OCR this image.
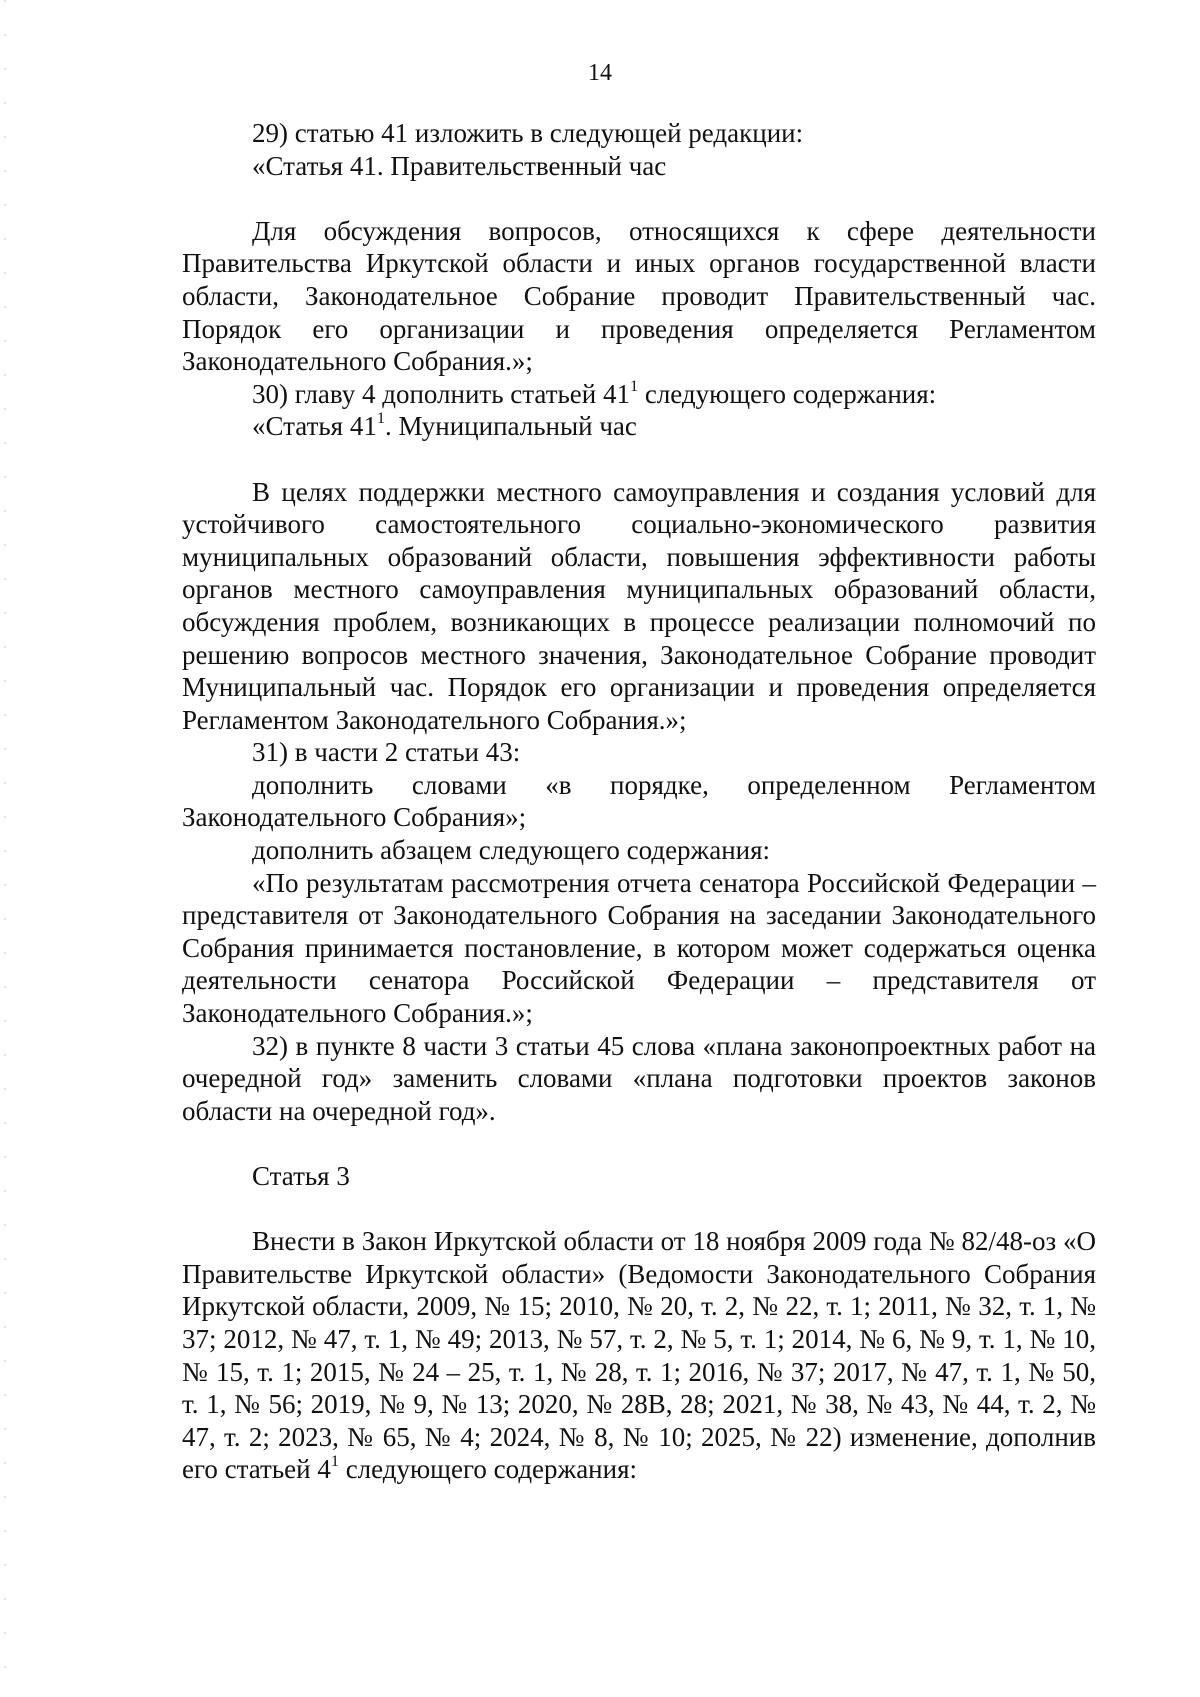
14

29) статью 41 изложить в следующей редакции:

«Статья 41. Правительственный час

Для обсуждения вопросов, относящихся к сфере деятельности Правительства Иркутской области и иных органов государственной власти области, Законодательное Собрание проводит Правительственный час. Порядок его организации и проведения определяется Регламентом Законодательного Собрания.»;

30) главу 4 дополнить статьей $41^1$ следующего содержания:

«Статья $41^1$. Муниципальный час

В целях поддержки местного самоуправления и создания условий для устойчивого самостоятельного социально-экономического развития муниципальных образований области, повышения эффективности работы органов местного самоуправления муниципальных образований области, обсуждения проблем, возникающих в процессе реализации полномочий по решению вопросов местного значения, Законодательное Собрание проводит Муниципальный час. Порядок его организации и проведения определяется Регламентом Законодательного Собрания.»;

31) в части 2 статьи 43:

дополнить словами «в порядке, определенном Регламентом Законодательного Собрания»;

дополнить абзацем следующего содержания:

«По результатам рассмотрения отчета сенатора Российской Федерации – представителя от Законодательного Собрания на заседании Законодательного Собрания принимается постановление, в котором может содержаться оценка деятельности сенатора Российской Федерации – представителя от Законодательного Собрания.»;

32) в пункте 8 части 3 статьи 45 слова «плана законопроектных работ на очередной год» заменить словами «плана подготовки проектов законов области на очередной год».

Статья 3

Внести в Закон Иркутской области от 18 ноября 2009 года № 82/48-оз «О Правительстве Иркутской области» (Ведомости Законодательного Собрания Иркутской области, 2009, № 15; 2010, № 20, т. 2, № 22, т. 1; 2011, № 32, т. 1, № 37; 2012, № 47, т. 1, № 49; 2013, № 57, т. 2, № 5, т. 1; 2014, № 6, № 9, т. 1, № 10, № 15, т. 1; 2015, № 24 – 25, т. 1, № 28, т. 1; 2016, № 37; 2017, № 47, т. 1, № 50, т. 1, № 56; 2019, № 9, № 13; 2020, № 28В, 28; 2021, № 38, № 43, № 44, т. 2, № 47, т. 2; 2023, № 65, № 4; 2024, № 8, № 10; 2025, № 22) изменение, дополнив его статьей $4^1$ следующего содержания:
